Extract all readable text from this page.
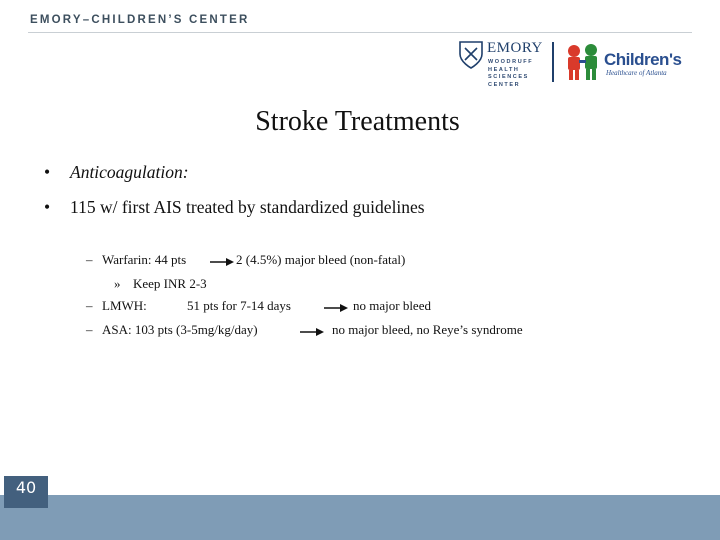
EMORY–CHILDREN’S CENTER
EMORY
WOODRUFF
HEALTH
SCIENCES
CENTER
Children's
Healthcare of Atlanta
Stroke Treatments
• Anticoagulation:
• 115 w/ first AIS treated by standardized guidelines
– Warfarin: 44 pts	2 (4.5%) major bleed (non-fatal)
» Keep INR 2-3
– LMWH:	51 pts for 7-14 days	no major bleed
– ASA: 103 pts (3-5mg/kg/day)	no major bleed, no Reye’s syndrome
40
